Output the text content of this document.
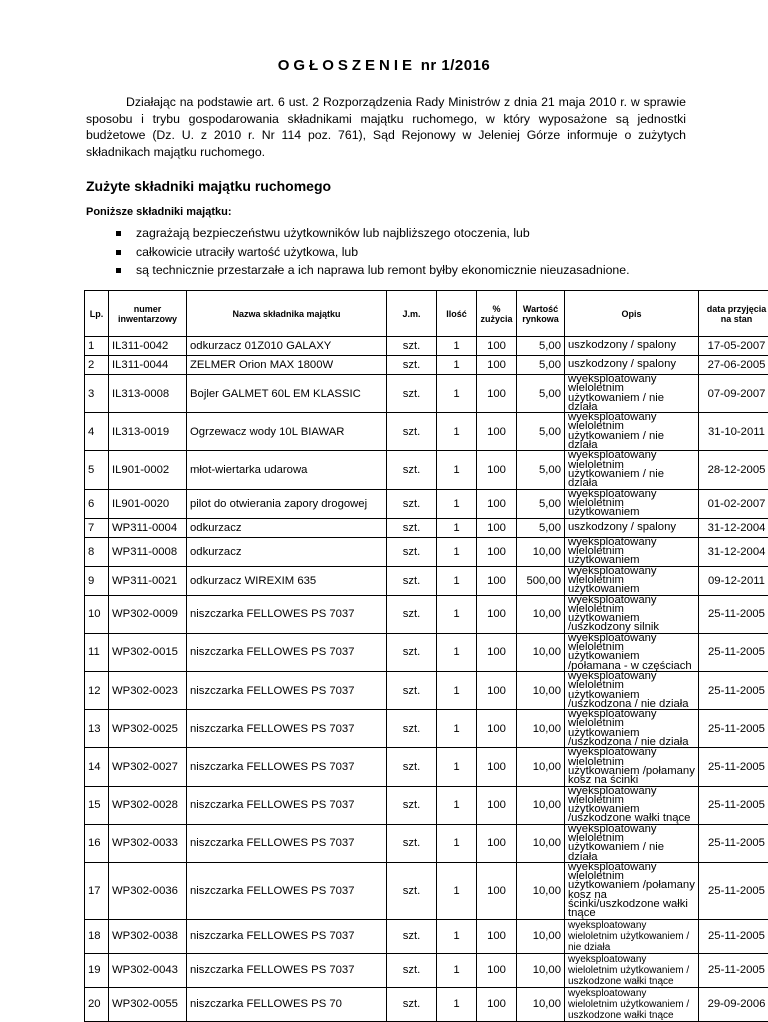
OGŁOSZENIE nr 1/2016
Działając na podstawie art. 6 ust. 2 Rozporządzenia Rady Ministrów z dnia 21 maja 2010 r. w sprawie sposobu i trybu gospodarowania składnikami majątku ruchomego, w który wyposażone są jednostki budżetowe (Dz. U. z 2010 r. Nr 114 poz. 761), Sąd Rejonowy w Jeleniej Górze informuje o zużytych składnikach majątku ruchomego.
Zużyte składniki majątku ruchomego
Poniższe składniki majątku:
zagrażają bezpieczeństwu użytkowników lub najbliższego otoczenia, lub
całkowicie utraciły wartość użytkowa, lub
są technicznie przestarzałe a ich naprawa lub remont byłby ekonomicznie nieuzasadnione.
Lp.	numer inwentarzowy	Nazwa składnika majątku	J.m.	Ilość	% zużycia	Wartość rynkowa	Opis	data przyjęcia na stan
1	IL311-0042	odkurzacz 01Z010 GALAXY	szt.	1	100	5,00	uszkodzony / spalony	17-05-2007
2	IL311-0044	ZELMER Orion MAX 1800W	szt.	1	100	5,00	uszkodzony / spalony	27-06-2005
3	IL313-0008	Bojler GALMET 60L EM KLASSIC	szt.	1	100	5,00	wyeksploatowany wieloletnim użytkowaniem / nie działa	07-09-2007
4	IL313-0019	Ogrzewacz wody 10L BIAWAR	szt.	1	100	5,00	wyeksploatowany wieloletnim użytkowaniem / nie działa	31-10-2011
5	IL901-0002	młot-wiertarka udarowa	szt.	1	100	5,00	wyeksploatowany wieloletnim użytkowaniem / nie działa	28-12-2005
6	IL901-0020	pilot do otwierania zapory drogowej	szt.	1	100	5,00	wyeksploatowany wieloletnim użytkowaniem	01-02-2007
7	WP311-0004	odkurzacz	szt.	1	100	5,00	uszkodzony / spalony	31-12-2004
8	WP311-0008	odkurzacz	szt.	1	100	10,00	wyeksploatowany wieloletnim użytkowaniem	31-12-2004
9	WP311-0021	odkurzacz WIREXIM 635	szt.	1	100	500,00	wyeksploatowany wieloletnim użytkowaniem	09-12-2011
10	WP302-0009	niszczarka FELLOWES PS 7037	szt.	1	100	10,00	wyeksploatowany wieloletnim użytkowaniem /uszkodzony silnik	25-11-2005
11	WP302-0015	niszczarka FELLOWES PS 7037	szt.	1	100	10,00	wyeksploatowany wieloletnim użytkowaniem /połamana - w częściach	25-11-2005
12	WP302-0023	niszczarka FELLOWES PS 7037	szt.	1	100	10,00	wyeksploatowany wieloletnim użytkowaniem /uszkodzona / nie działa	25-11-2005
13	WP302-0025	niszczarka FELLOWES PS 7037	szt.	1	100	10,00	wyeksploatowany wieloletnim użytkowaniem /uszkodzona / nie działa	25-11-2005
14	WP302-0027	niszczarka FELLOWES PS 7037	szt.	1	100	10,00	wyeksploatowany wieloletnim użytkowaniem /połamany kosz na ścinki	25-11-2005
15	WP302-0028	niszczarka FELLOWES PS 7037	szt.	1	100	10,00	wyeksploatowany wieloletnim użytkowaniem /uszkodzone wałki tnące	25-11-2005
16	WP302-0033	niszczarka FELLOWES PS 7037	szt.	1	100	10,00	wyeksploatowany wieloletnim użytkowaniem / nie działa	25-11-2005
17	WP302-0036	niszczarka FELLOWES PS 7037	szt.	1	100	10,00	wyeksploatowany wieloletnim użytkowaniem /połamany kosz na ścinki/uszkodzone wałki tnące	25-11-2005
18	WP302-0038	niszczarka FELLOWES PS 7037	szt.	1	100	10,00	wyeksploatowany wieloletnim użytkowaniem / nie działa	25-11-2005
19	WP302-0043	niszczarka FELLOWES PS 7037	szt.	1	100	10,00	wyeksploatowany wieloletnim użytkowaniem / uszkodzone wałki tnące	25-11-2005
20	WP302-0055	niszczarka FELLOWES PS 70	szt.	1	100	10,00	wyeksploatowany wieloletnim użytkowaniem / uszkodzone wałki tnące	29-09-2006
